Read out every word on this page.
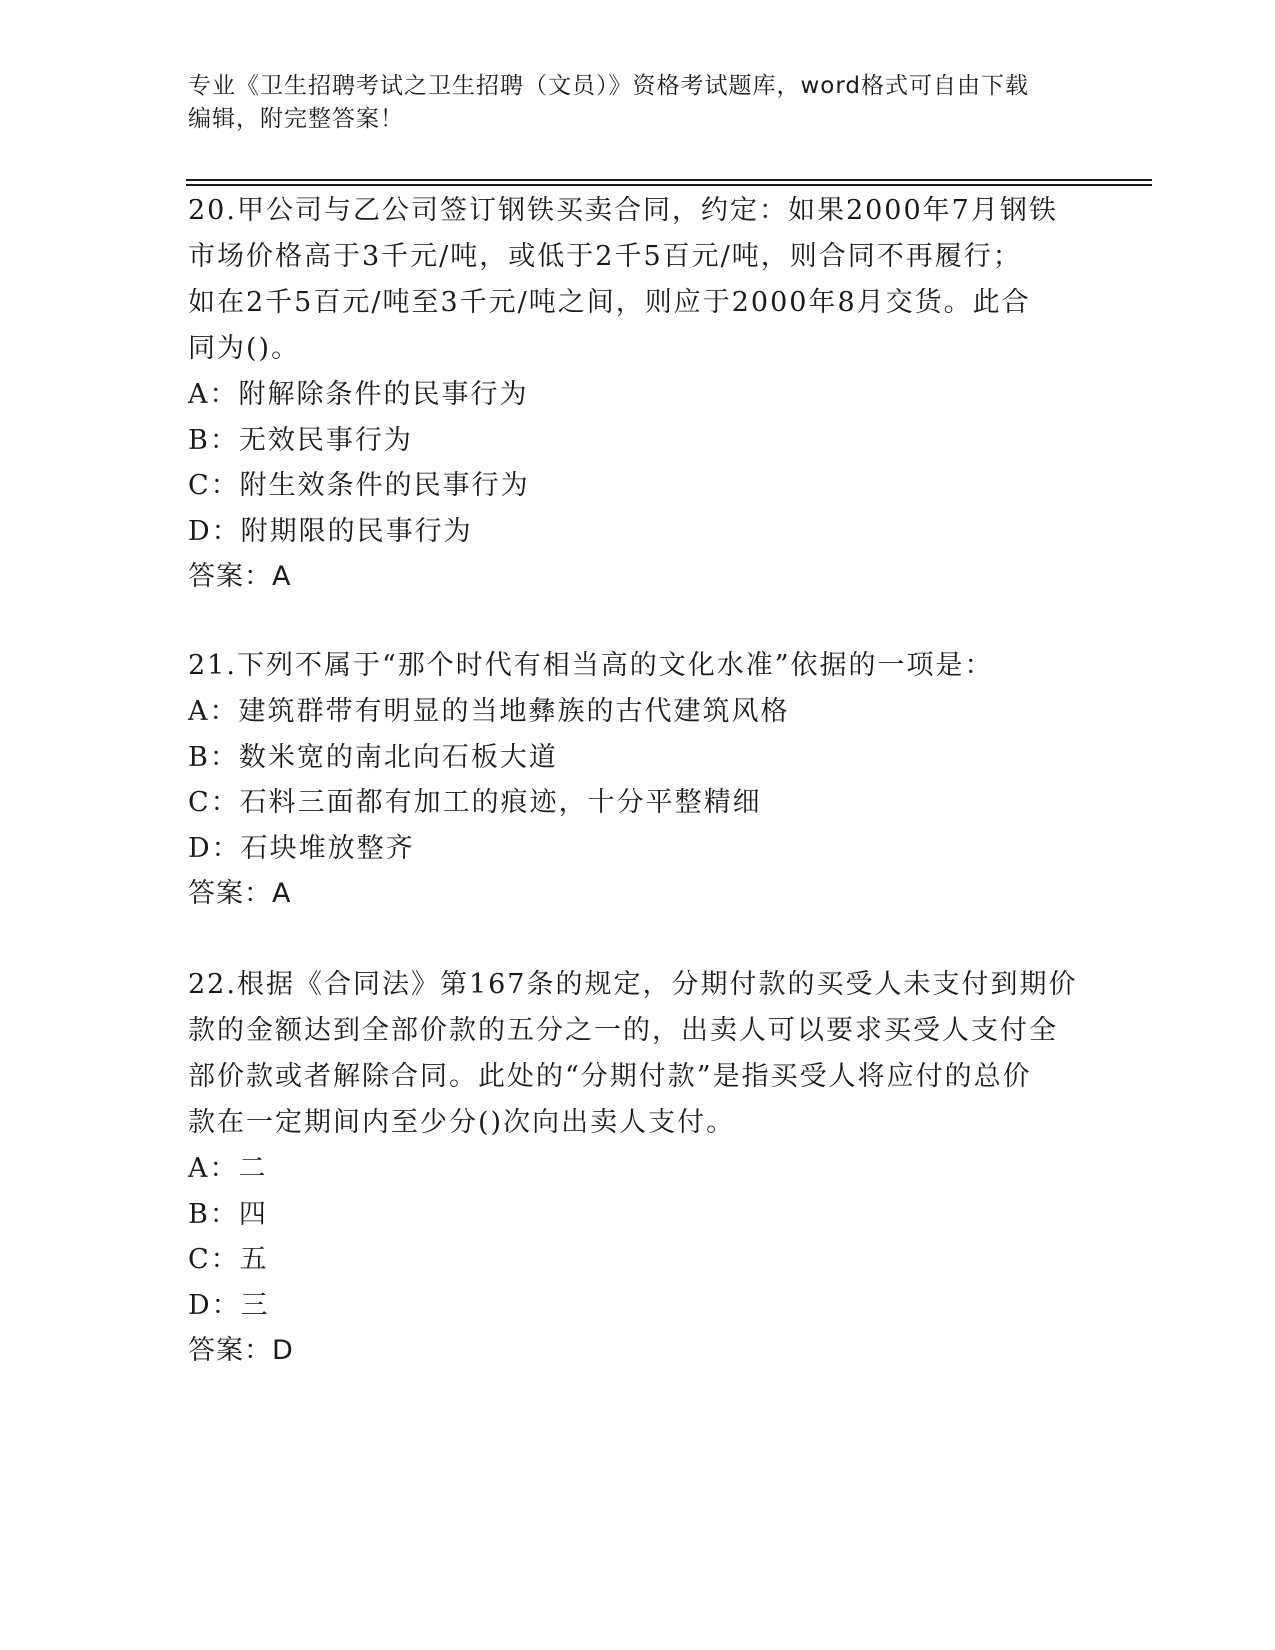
专业《卫生招聘考试之卫生招聘（文员）》资格考试题库，word格式可自由下载
编辑，附完整答案！
20.甲公司与乙公司签订钢铁买卖合同，约定：如果2000年7月钢铁
市场价格高于3千元/吨，或低于2千5百元/吨，则合同不再履行；
如在2千5百元/吨至3千元/吨之间，则应于2000年8月交货。此合
同为()。
A：附解除条件的民事行为
B：无效民事行为
C：附生效条件的民事行为
D：附期限的民事行为
答案：A
21.下列不属于“那个时代有相当高的文化水准”依据的一项是：
A：建筑群带有明显的当地彝族的古代建筑风格
B：数米宽的南北向石板大道
C：石料三面都有加工的痕迹，十分平整精细
D：石块堆放整齐
答案：A
22.根据《合同法》第167条的规定，分期付款的买受人未支付到期价
款的金额达到全部价款的五分之一的，出卖人可以要求买受人支付全
部价款或者解除合同。此处的“分期付款”是指买受人将应付的总价
款在一定期间内至少分()次向出卖人支付。
A：二
B：四
C：五
D：三
答案：D
